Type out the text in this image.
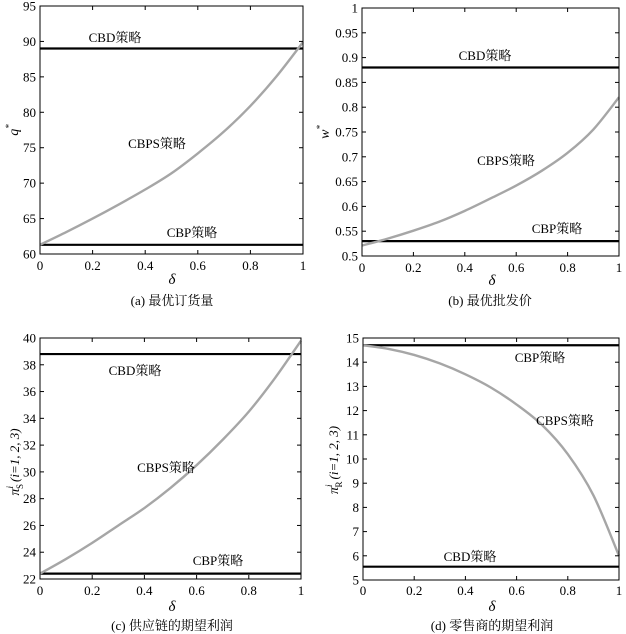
0	0.2	0.4	0.6	0.8	1
60
65
70
75
80
85
90
95
CBD策略
CBP策略
CBPS策略
δ
q*
(a) 最优订货量
0	0.2	0.4	0.6	0.8	1
0.5
0.55
0.6
0.65
0.7
0.75
0.8
0.85
0.9
0.95
1
CBD策略
CBP策略
CBPS策略
δ
w*
(b) 最优批发价
0	0.2	0.4	0.6	0.8	1
22
24
26
28
30
32
34
36
38
40
CBD策略
CBP策略
CBPS策略
δ
$\pi^iS(i=1$, 2, 3)
(c) 供应链的期望利润
0	0.2	0.4	0.6	0.8	1
5
6
7
8
9
10
11
12
13
14
15
CBD策略
CBP策略
CBPS策略
δ
$\pi^iR(i=1$, 2, 3)
(d) 零售商的期望利润
